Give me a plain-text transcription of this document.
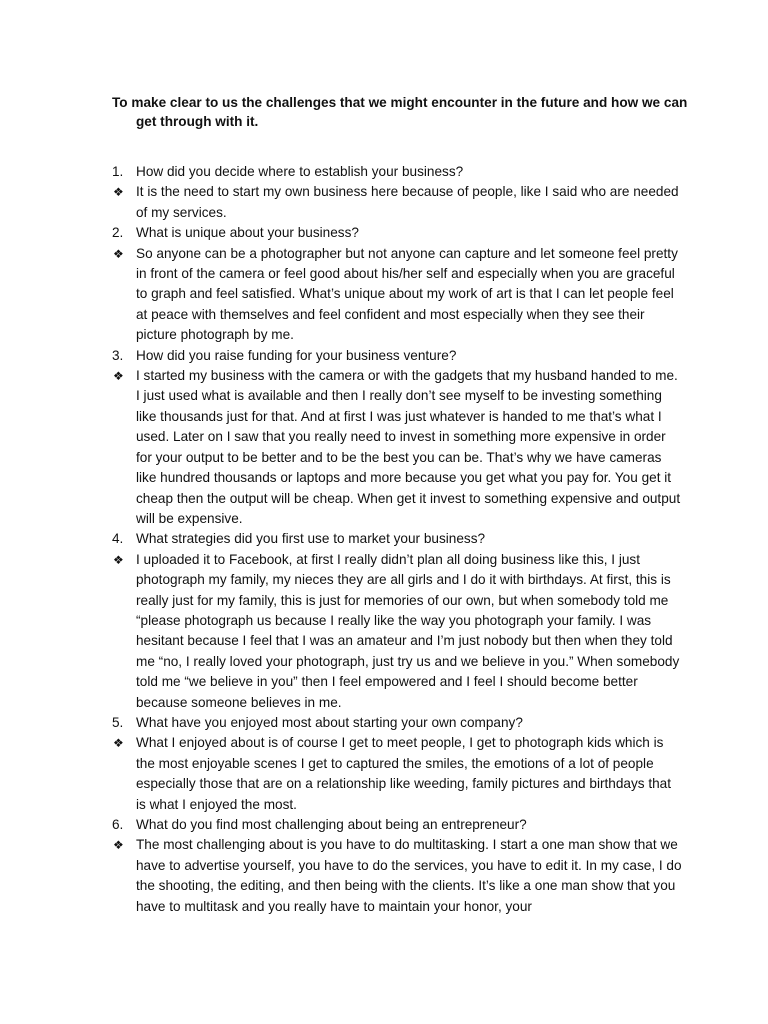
To make clear to us the challenges that we might encounter in the future and how we can get through with it.
1. How did you decide where to establish your business?
❖ It is the need to start my own business here because of people, like I said who are needed of my services.
2. What is unique about your business?
❖ So anyone can be a photographer but not anyone can capture and let someone feel pretty in front of the camera or feel good about his/her self and especially when you are graceful to graph and feel satisfied. What’s unique about my work of art is that I can let people feel at peace with themselves and feel confident and most especially when they see their picture photograph by me.
3. How did you raise funding for your business venture?
❖ I started my business with the camera or with the gadgets that my husband handed to me. I just used what is available and then I really don’t see myself to be investing something like thousands just for that. And at first I was just whatever is handed to me that’s what I used. Later on I saw that you really need to invest in something more expensive in order for your output to be better and to be the best you can be. That’s why we have cameras like hundred thousands or laptops and more because you get what you pay for. You get it cheap then the output will be cheap. When get it invest to something expensive and output will be expensive.
4. What strategies did you first use to market your business?
❖ I uploaded it to Facebook, at first I really didn’t plan all doing business like this, I just photograph my family, my nieces they are all girls and I do it with birthdays. At first, this is really just for my family, this is just for memories of our own, but when somebody told me “please photograph us because I really like the way you photograph your family. I was hesitant because I feel that I was an amateur and I’m just nobody but then when they told me “no, I really loved your photograph, just try us and we believe in you.” When somebody told me “we believe in you” then I feel empowered and I feel I should become better because someone believes in me.
5. What have you enjoyed most about starting your own company?
❖ What I enjoyed about is of course I get to meet people, I get to photograph kids which is the most enjoyable scenes I get to captured the smiles, the emotions of a lot of people especially those that are on a relationship like weeding, family pictures and birthdays that is what I enjoyed the most.
6. What do you find most challenging about being an entrepreneur?
❖ The most challenging about is you have to do multitasking. I start a one man show that we have to advertise yourself, you have to do the services, you have to edit it. In my case, I do the shooting, the editing, and then being with the clients. It’s like a one man show that you have to multitask and you really have to maintain your honor, your
